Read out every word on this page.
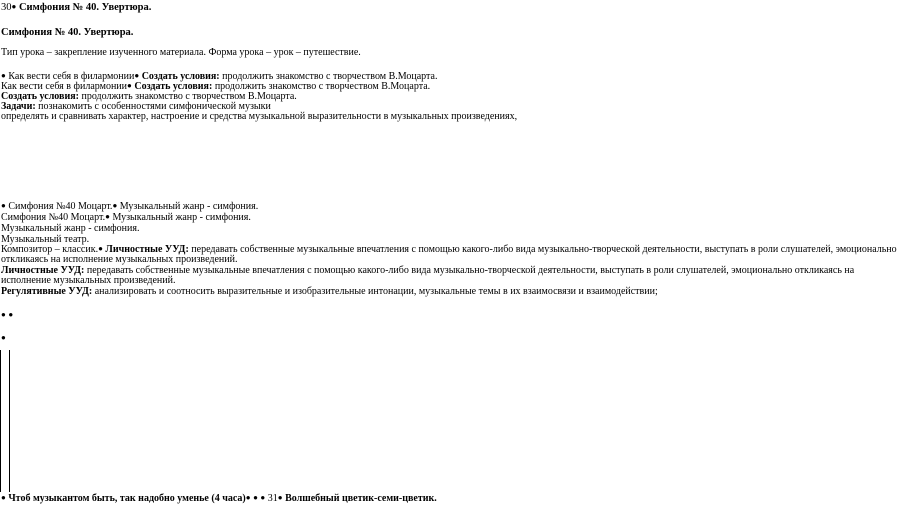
30● Симфония № 40. Увертюра.
Симфония № 40. Увертюра.
Тип урока – закрепление изученного материала. Форма урока – урок – путешествие.
● Как вести себя в филармонии● Создать условия: продолжить знакомство с творчеством В.Моцарта.
Как вести себя в филармонии● Создать условия: продолжить знакомство с творчеством В.Моцарта.
Создать условия: продолжить знакомство с творчеством В.Моцарта.
Задачи: познакомить с особенностями симфонической музыки
определять и сравнивать характер, настроение и средства музыкальной выразительности в музыкальных произведениях,
● Симфония №40 Моцарт.● Музыкальный жанр - симфония.
Симфония №40 Моцарт.● Музыкальный жанр - симфония.
Музыкальный жанр - симфония.
Музыкальный театр.
Композитор – классик.● Личностные УУД: передавать собственные музыкальные впечатления с помощью какого-либо вида музыкально-творческой деятельности, выступать в роли слушателей, эмоционально
откликаясь на исполнение музыкальных произведений.
Личностные УУД: передавать собственные музыкальные впечатления с помощью какого-либо вида музыкально-творческой деятельности, выступать в роли слушателей, эмоционально откликаясь на
исполнение музыкальных произведений.
Регулятивные УУД: анализировать и соотносить выразительные и изобразительные интонации, музыкальные темы в их взаимосвязи и взаимодействии;
● ●
●
● Чтоб музыкантом быть, так надобно уменье (4 часа)● ● ● 31● Волшебный цветик-семи-цветик.
